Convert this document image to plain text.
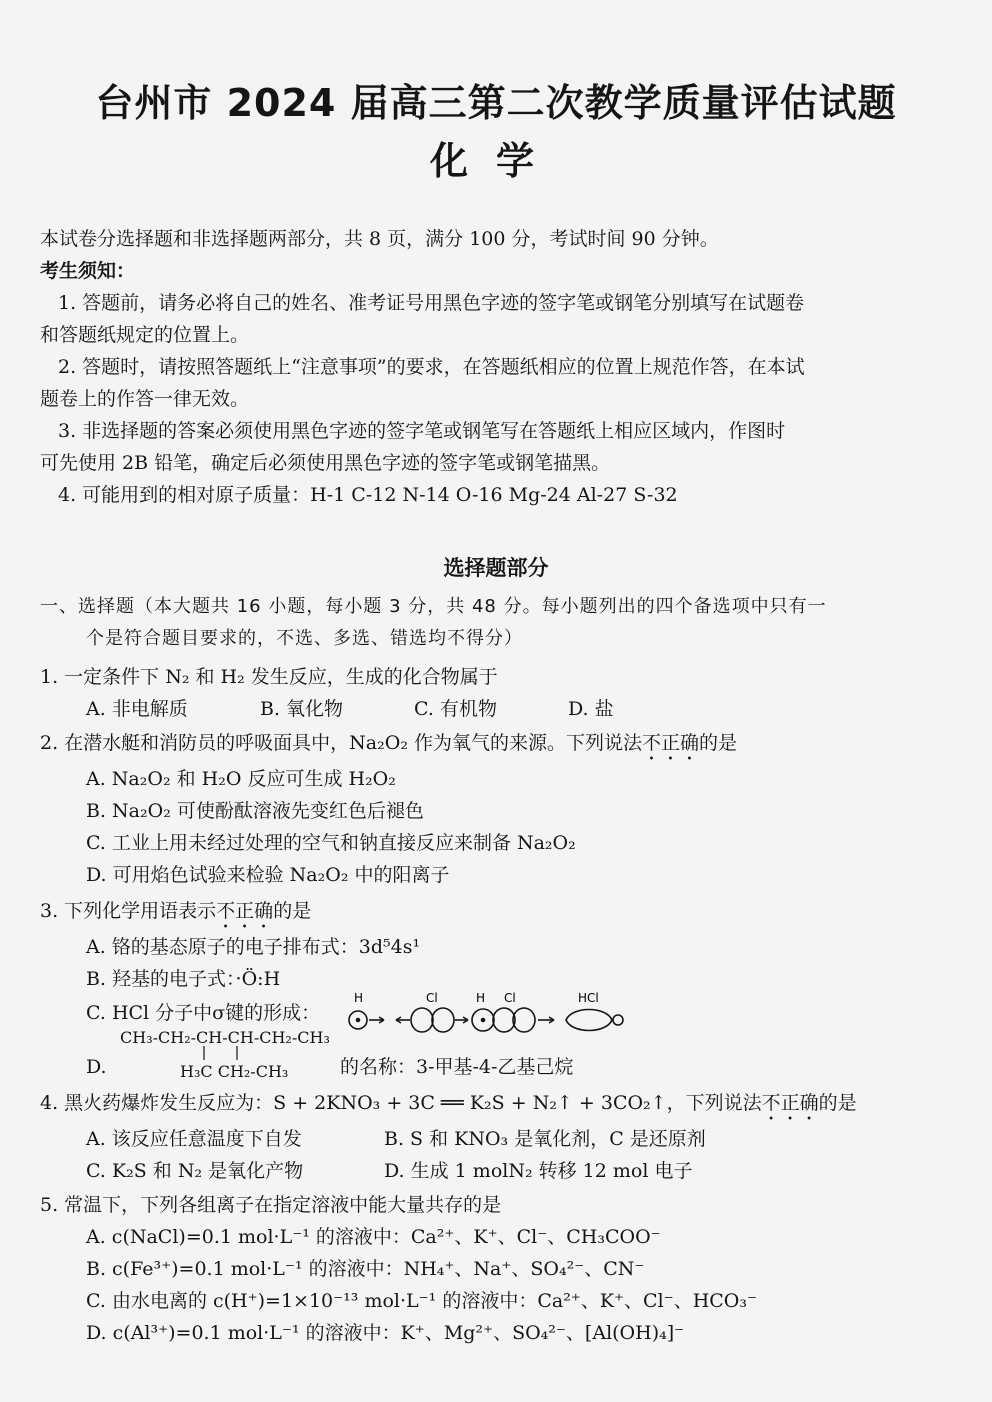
台州市 2024 届高三第二次教学质量评估试题
化学
本试卷分选择题和非选择题两部分，共 8 页，满分 100 分，考试时间 90 分钟。
考生须知：
1. 答题前，请务必将自己的姓名、准考证号用黑色字迹的签字笔或钢笔分别填写在试题卷
和答题纸规定的位置上。
2. 答题时，请按照答题纸上“注意事项”的要求，在答题纸相应的位置上规范作答，在本试
题卷上的作答一律无效。
3. 非选择题的答案必须使用黑色字迹的签字笔或钢笔写在答题纸上相应区域内，作图时
可先使用 2B 铅笔，确定后必须使用黑色字迹的签字笔或钢笔描黑。
4. 可能用到的相对原子质量：H-1 C-12 N-14 O-16 Mg-24 Al-27 S-32
选择题部分
一、选择题（本大题共 16 小题，每小题 3 分，共 48 分。每小题列出的四个备选项中只有一
个是符合题目要求的，不选、多选、错选均不得分）
1. 一定条件下 N₂ 和 H₂ 发生反应，生成的化合物属于
A. 非电解质	B. 氧化物	C. 有机物	D. 盐
2. 在潜水艇和消防员的呼吸面具中，Na₂O₂ 作为氧气的来源。下列说法不正确的是
A. Na₂O₂ 和 H₂O 反应可生成 H₂O₂
B. Na₂O₂ 可使酚酞溶液先变红色后褪色
C. 工业上用未经过处理的空气和钠直接反应来制备 Na₂O₂
D. 可用焰色试验来检验 Na₂O₂ 中的阳离子
3. 下列化学用语表示不正确的是
A. 铬的基态原子的电子排布式：3d⁵4s¹
B. 羟基的电子式：·Ö:H
C. HCl 分子中σ键的形成：
H	Cl	H Cl	HCl
CH₃-CH₂-CH-CH-CH₂-CH₃
D.	H₃C CH₂-CH₃	的名称：3-甲基-4-乙基己烷
4. 黑火药爆炸发生反应为：S + 2KNO₃ + 3C ══ K₂S + N₂↑ + 3CO₂↑，下列说法不正确的是
A. 该反应任意温度下自发	B. S 和 KNO₃ 是氧化剂，C 是还原剂
C. K₂S 和 N₂ 是氧化产物	D. 生成 1 molN₂ 转移 12 mol 电子
5. 常温下，下列各组离子在指定溶液中能大量共存的是
A. c(NaCl)=0.1 mol·L⁻¹ 的溶液中：Ca²⁺、K⁺、Cl⁻、CH₃COO⁻
B. c(Fe³⁺)=0.1 mol·L⁻¹ 的溶液中：NH₄⁺、Na⁺、SO₄²⁻、CN⁻
C. 由水电离的 c(H⁺)=1×10⁻¹³ mol·L⁻¹ 的溶液中：Ca²⁺、K⁺、Cl⁻、HCO₃⁻
D. c(Al³⁺)=0.1 mol·L⁻¹ 的溶液中：K⁺、Mg²⁺、SO₄²⁻、[Al(OH)₄]⁻
